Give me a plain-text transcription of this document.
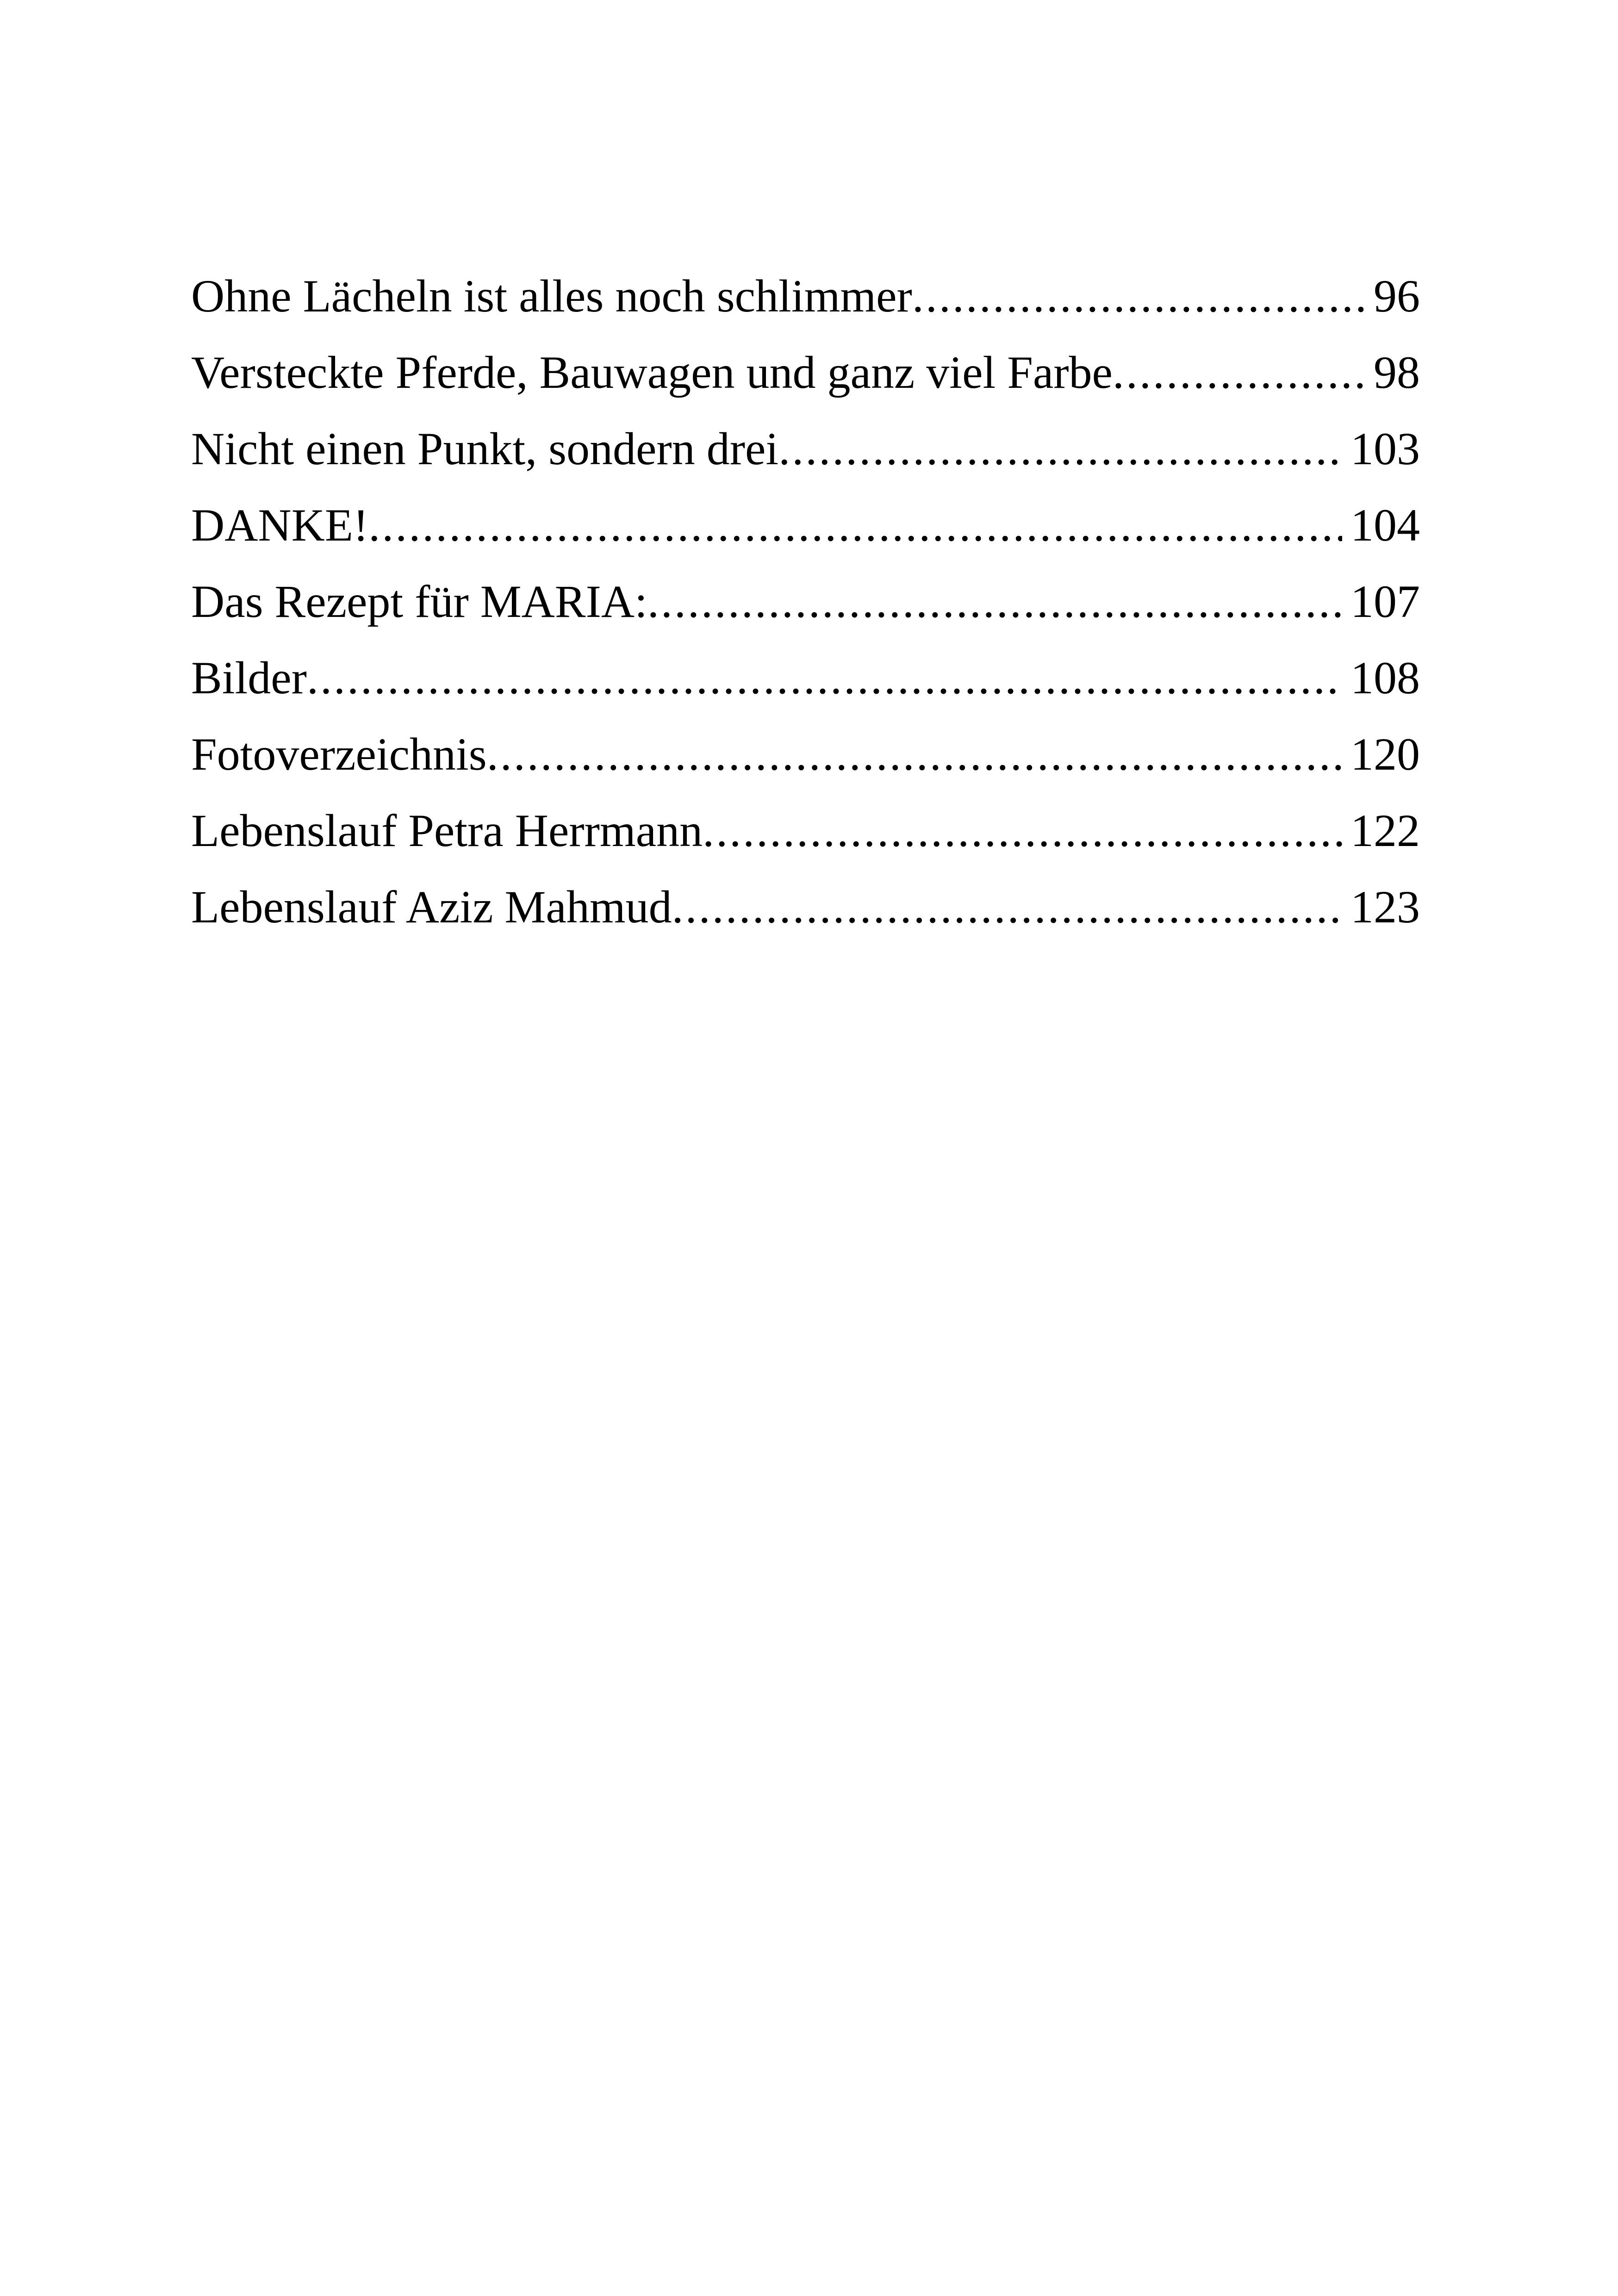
Ohne Lächeln ist alles noch schlimmer .....	96
Versteckte Pferde, Bauwagen und ganz viel Farbe .....	98
Nicht einen Punkt, sondern drei .....	103
DANKE! .....	104
Das Rezept für MARIA: .....	107
Bilder .....	108
Fotoverzeichnis .....	120
Lebenslauf Petra Herrmann .....	122
Lebenslauf Aziz Mahmud .....	123
